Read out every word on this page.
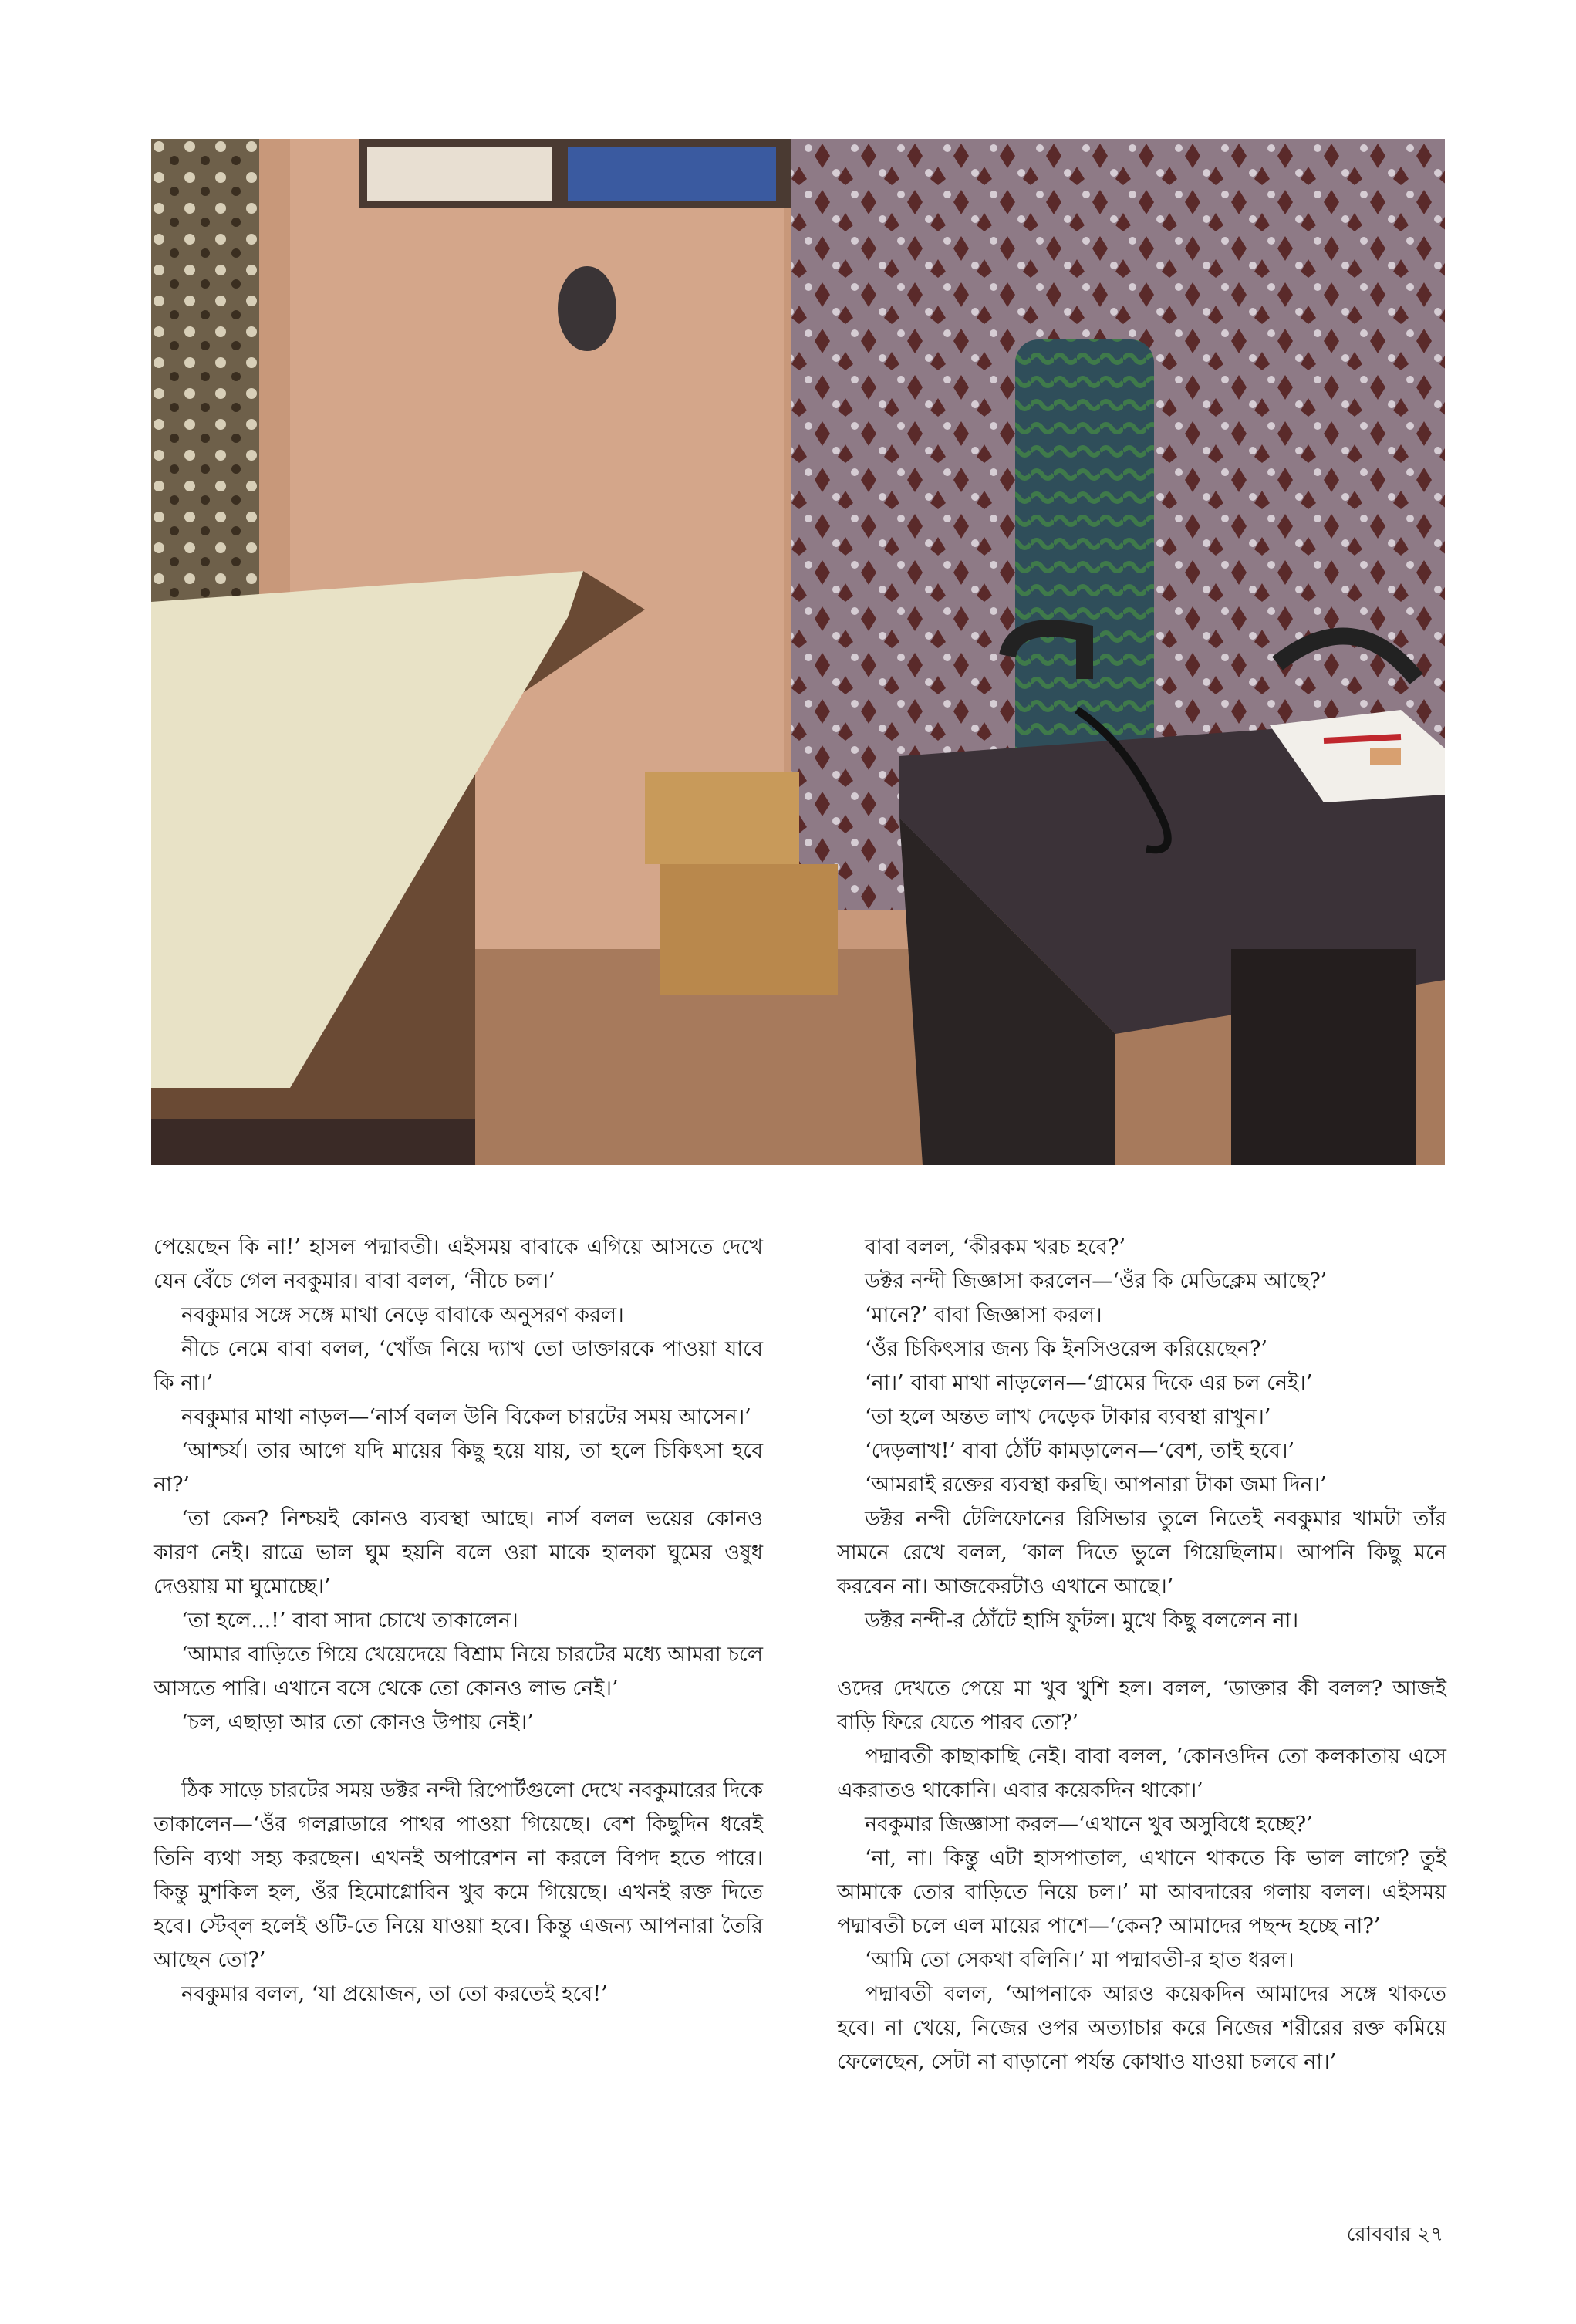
পেয়েছেন কি না!’ হাসল পদ্মাবতী। এইসময় বাবাকে এগিয়ে আসতে দেখে যেন বেঁচে গেল নবকুমার। বাবা বলল, ‘নীচে চল।’

নবকুমার সঙ্গে সঙ্গে মাথা নেড়ে বাবাকে অনুসরণ করল।

নীচে নেমে বাবা বলল, ‘খোঁজ নিয়ে দ্যাখ তো ডাক্তারকে পাওয়া যাবে কি না।’

নবকুমার মাথা নাড়ল—‘নার্স বলল উনি বিকেল চারটের সময় আসেন।’

‘আশ্চর্য। তার আগে যদি মায়ের কিছু হয়ে যায়, তা হলে চিকিৎসা হবে না?’

‘তা কেন? নিশ্চয়ই কোনও ব্যবস্থা আছে। নার্স বলল ভয়ের কোনও কারণ নেই। রাত্রে ভাল ঘুম হয়নি বলে ওরা মাকে হালকা ঘুমের ওষুধ দেওয়ায় মা ঘুমোচ্ছে।’

‘তা হলে...!’ বাবা সাদা চোখে তাকালেন।

‘আমার বাড়িতে গিয়ে খেয়েদেয়ে বিশ্রাম নিয়ে চারটের মধ্যে আমরা চলে আসতে পারি। এখানে বসে থেকে তো কোনও লাভ নেই।’

‘চল, এছাড়া আর তো কোনও উপায় নেই।’

ঠিক সাড়ে চারটের সময় ডক্টর নন্দী রিপোর্টগুলো দেখে নবকুমারের দিকে তাকালেন—‘ওঁর গলব্লাডারে পাথর পাওয়া গিয়েছে। বেশ কিছুদিন ধরেই তিনি ব্যথা সহ্য করছেন। এখনই অপারেশন না করলে বিপদ হতে পারে। কিন্তু মুশকিল হল, ওঁর হিমোগ্লোবিন খুব কমে গিয়েছে। এখনই রক্ত দিতে হবে। স্টেব্‌ল হলেই ওটি-তে নিয়ে যাওয়া হবে। কিন্তু এজন্য আপনারা তৈরি আছেন তো?’

নবকুমার বলল, ‘যা প্রয়োজন, তা তো করতেই হবে!’

বাবা বলল, ‘কীরকম খরচ হবে?’

ডক্টর নন্দী জিজ্ঞাসা করলেন—‘ওঁর কি মেডিক্লেম আছে?’

‘মানে?’ বাবা জিজ্ঞাসা করল।

‘ওঁর চিকিৎসার জন্য কি ইনসিওরেন্স করিয়েছেন?’

‘না।’ বাবা মাথা নাড়লেন—‘গ্রামের দিকে এর চল নেই।’

‘তা হলে অন্তত লাখ দেড়েক টাকার ব্যবস্থা রাখুন।’

‘দেড়লাখ!’ বাবা ঠোঁট কামড়ালেন—‘বেশ, তাই হবে।’

‘আমরাই রক্তের ব্যবস্থা করছি। আপনারা টাকা জমা দিন।’

ডক্টর নন্দী টেলিফোনের রিসিভার তুলে নিতেই নবকুমার খামটা তাঁর সামনে রেখে বলল, ‘কাল দিতে ভুলে গিয়েছিলাম। আপনি কিছু মনে করবেন না। আজকেরটাও এখানে আছে।’

ডক্টর নন্দী-র ঠোঁটে হাসি ফুটল। মুখে কিছু বললেন না।

ওদের দেখতে পেয়ে মা খুব খুশি হল। বলল, ‘ডাক্তার কী বলল? আজই বাড়ি ফিরে যেতে পারব তো?’

পদ্মাবতী কাছাকাছি নেই। বাবা বলল, ‘কোনওদিন তো কলকাতায় এসে একরাতও থাকোনি। এবার কয়েকদিন থাকো।’

নবকুমার জিজ্ঞাসা করল—‘এখানে খুব অসুবিধে হচ্ছে?’

‘না, না। কিন্তু এটা হাসপাতাল, এখানে থাকতে কি ভাল লাগে? তুই আমাকে তোর বাড়িতে নিয়ে চল।’ মা আবদারের গলায় বলল। এইসময় পদ্মাবতী চলে এল মায়ের পাশে—‘কেন? আমাদের পছন্দ হচ্ছে না?’

‘আমি তো সেকথা বলিনি।’ মা পদ্মাবতী-র হাত ধরল।

পদ্মাবতী বলল, ‘আপনাকে আরও কয়েকদিন আমাদের সঙ্গে থাকতে হবে। না খেয়ে, নিজের ওপর অত্যাচার করে নিজের শরীরের রক্ত কমিয়ে ফেলেছেন, সেটা না বাড়ানো পর্যন্ত কোথাও যাওয়া চলবে না।’

রোববার ২৭
